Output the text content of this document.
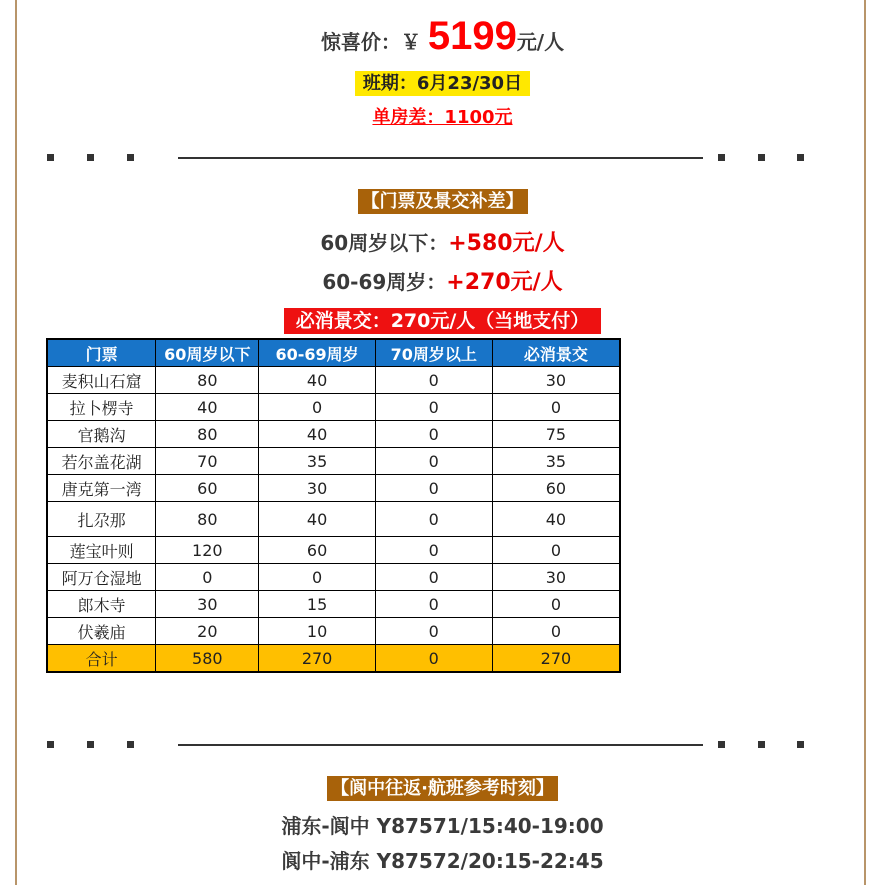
惊喜价：￥ 5199元/人
班期：6月23/30日
单房差：1100元
【门票及景交补差】
60周岁以下：+580元/人
60-69周岁：+270元/人
必消景交：270元/人（当地支付）
门票	60周岁以下	60-69周岁	70周岁以上	必消景交
麦积山石窟	80	40	0	30
拉卜楞寺	40	0	0	0
官鹅沟	80	40	0	75
若尔盖花湖	70	35	0	35
唐克第一湾	60	30	0	60
扎尕那	80	40	0	40
莲宝叶则	120	60	0	0
阿万仓湿地	0	0	0	30
郎木寺	30	15	0	0
伏羲庙	20	10	0	0
合计	580	270	0	270
【阆中往返·航班参考时刻】
浦东-阆中 Y87571/15:40-19:00
阆中-浦东 Y87572/20:15-22:45
